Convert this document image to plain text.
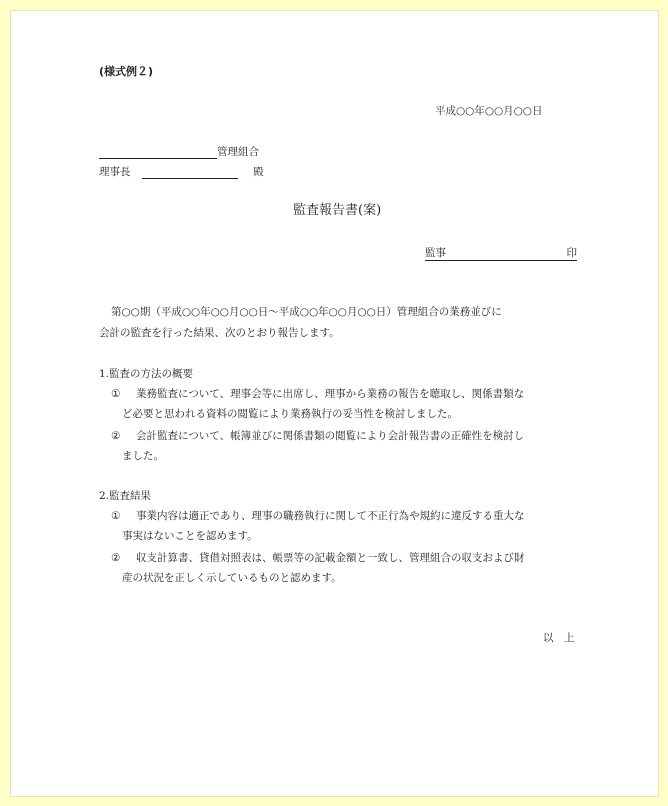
(様式例２)
平成○○年○○月○○日
管理組合
理事長	殿
監査報告書(案)
監事	印
第○○期（平成○○年○○月○○日～平成○○年○○月○○日）管理組合の業務並びに
会計の監査を行った結果、次のとおり報告します。
1.監査の方法の概要
① 業務監査について、理事会等に出席し、理事から業務の報告を聴取し、関係書類な
ど必要と思われる資料の閲覧により業務執行の妥当性を検討しました。
② 会計監査について、帳簿並びに関係書類の閲覧により会計報告書の正確性を検討し
ました。
2.監査結果
① 事業内容は適正であり、理事の職務執行に関して不正行為や規約に違反する重大な
事実はないことを認めます。
② 収支計算書、貸借対照表は、帳票等の記載金額と一致し、管理組合の収支および財
産の状況を正しく示しているものと認めます。
以　上
